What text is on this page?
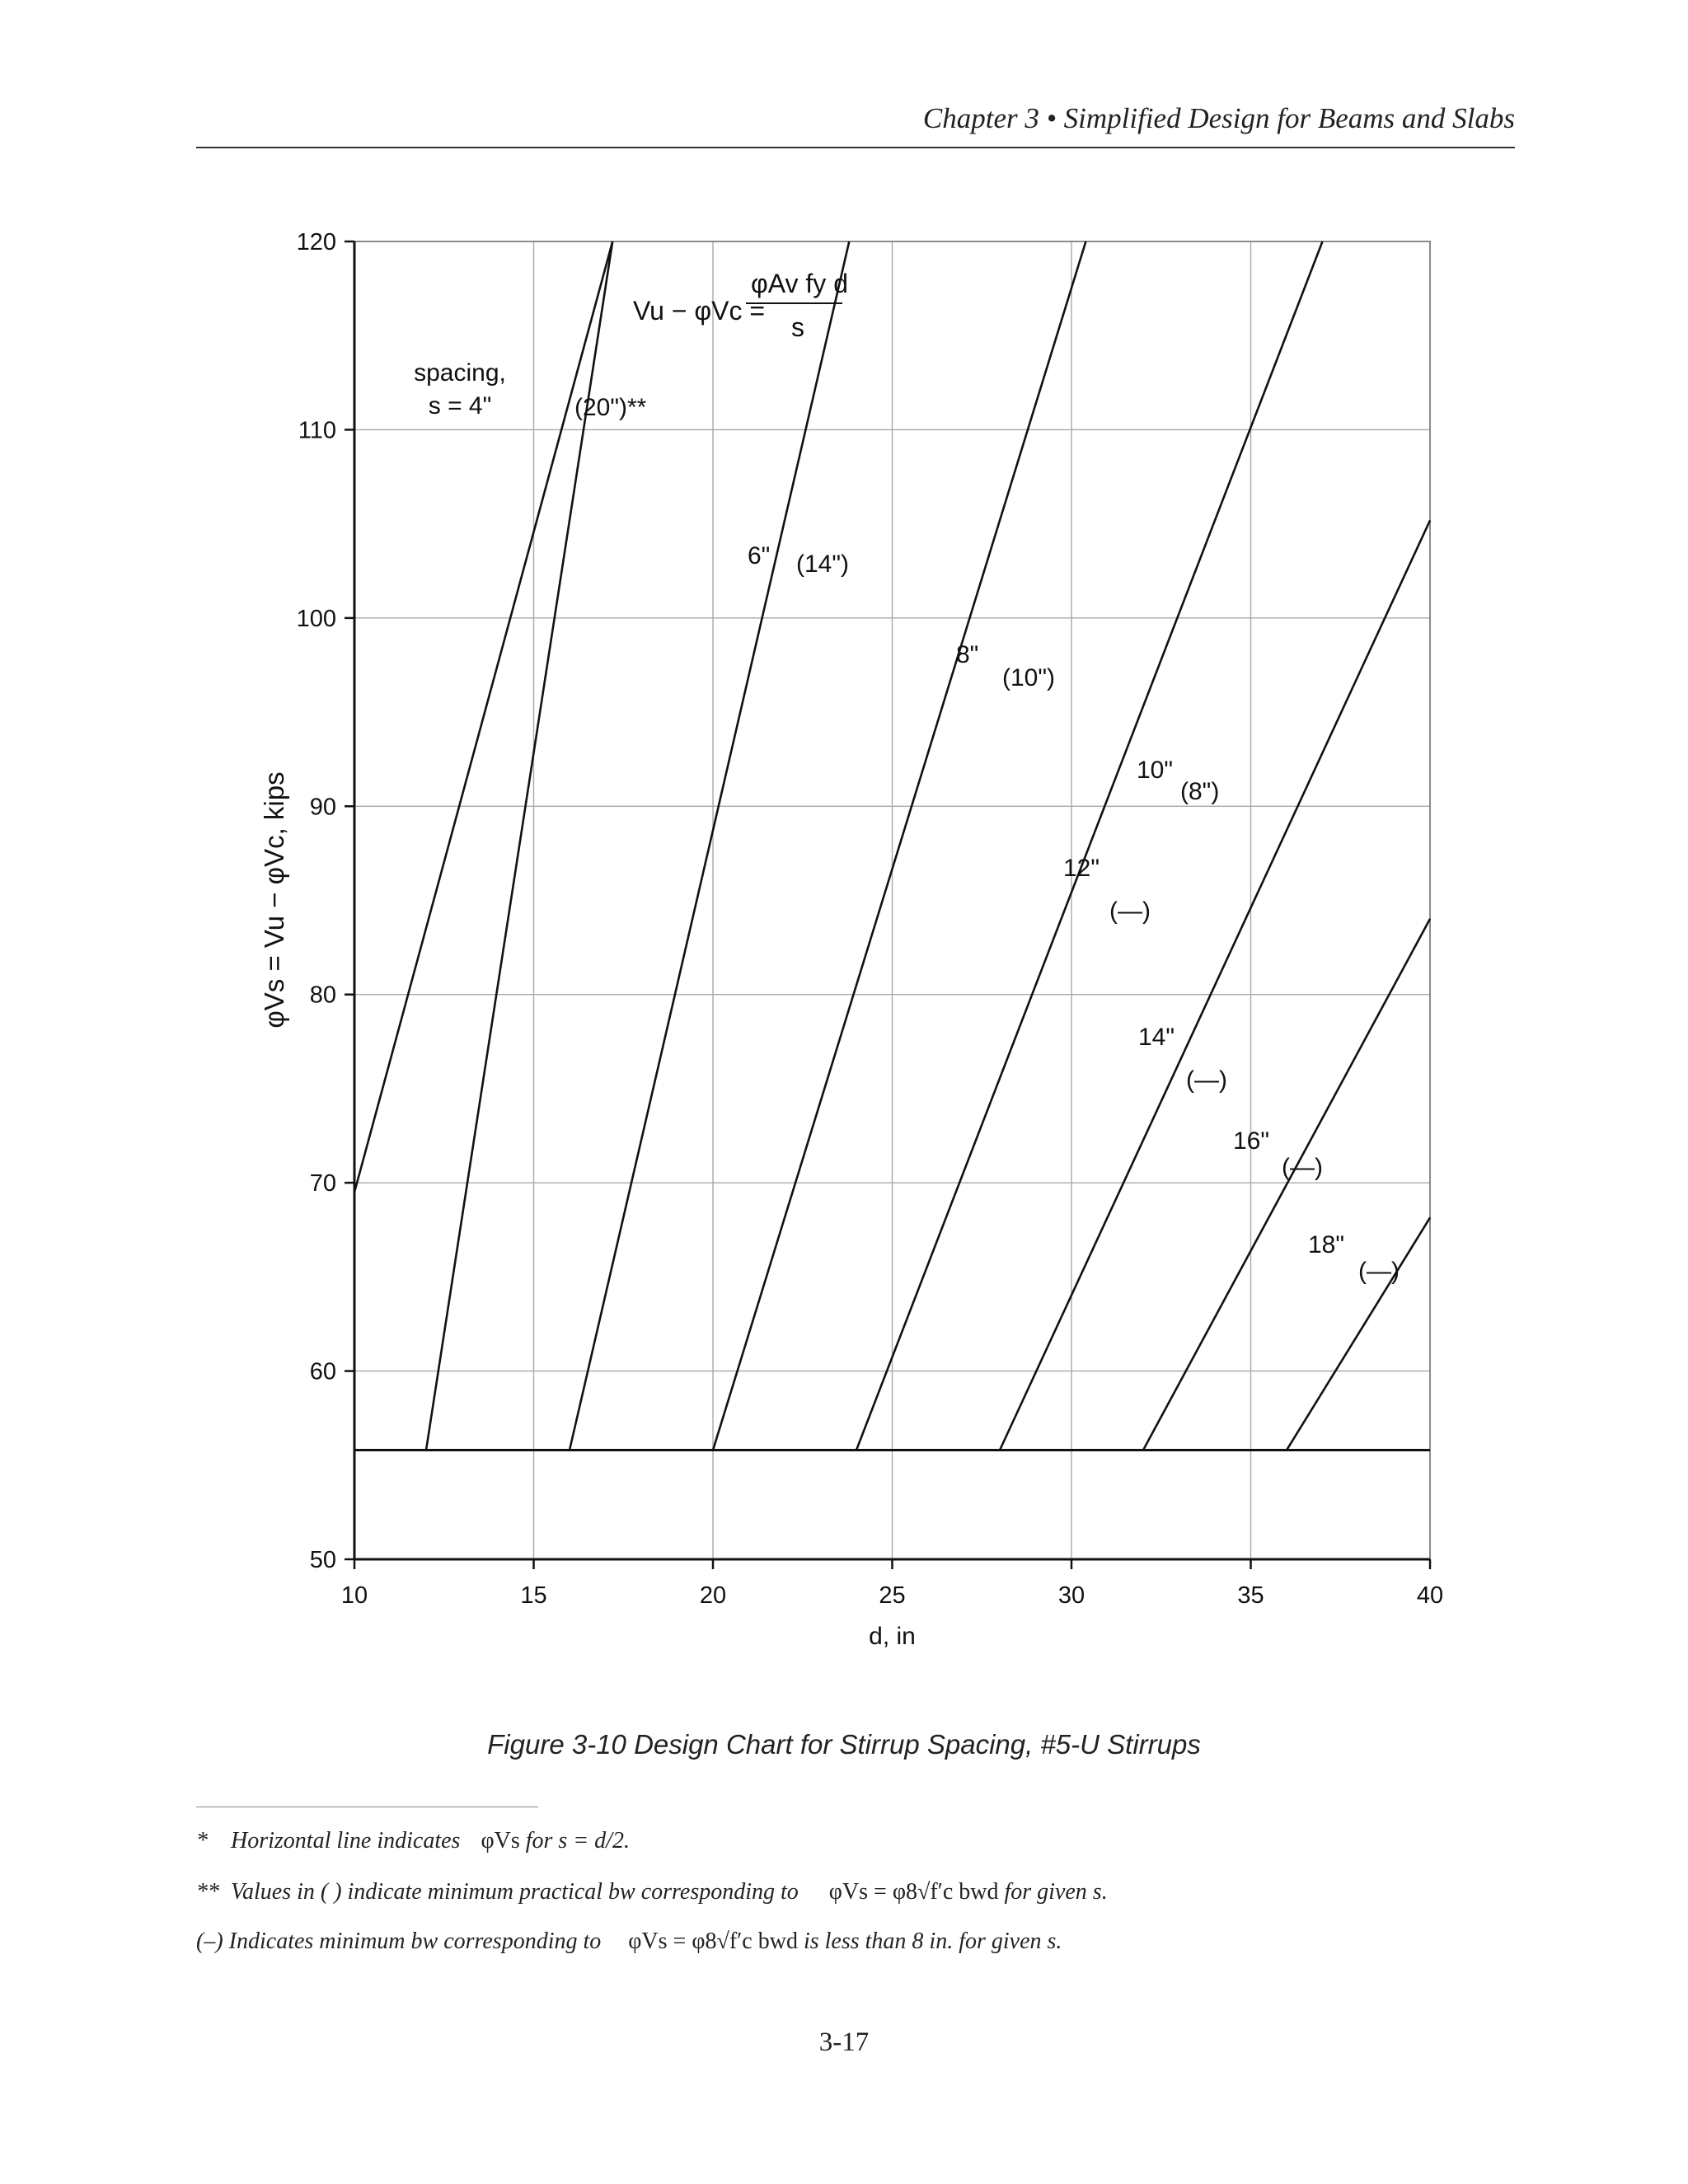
Chapter 3 • Simplified Design for Beams and Slabs
10	15	20	25	30	35	40
50
60
70
80
90
100
110
120
spacing,
s = 4"	(20")**
6" (14")
8"
(10")
10"
(8")
12"
(—)
14"
(—)
16"
(—)
18"
(—)
Vu − φVc =
φAv fy d
s
d, in
φVs = Vu − φVc, kips
Figure 3-10 Design Chart for Stirrup Spacing, #5-U Stirrups
* Horizontal line indicates φVs for s = d/2.
** Values in ( ) indicate minimum practical bw corresponding to φVs = φ8√f′c bwd for given s.
(–) Indicates minimum bw corresponding to φVs = φ8√f′c bwd is less than 8 in. for given s.
3-17
